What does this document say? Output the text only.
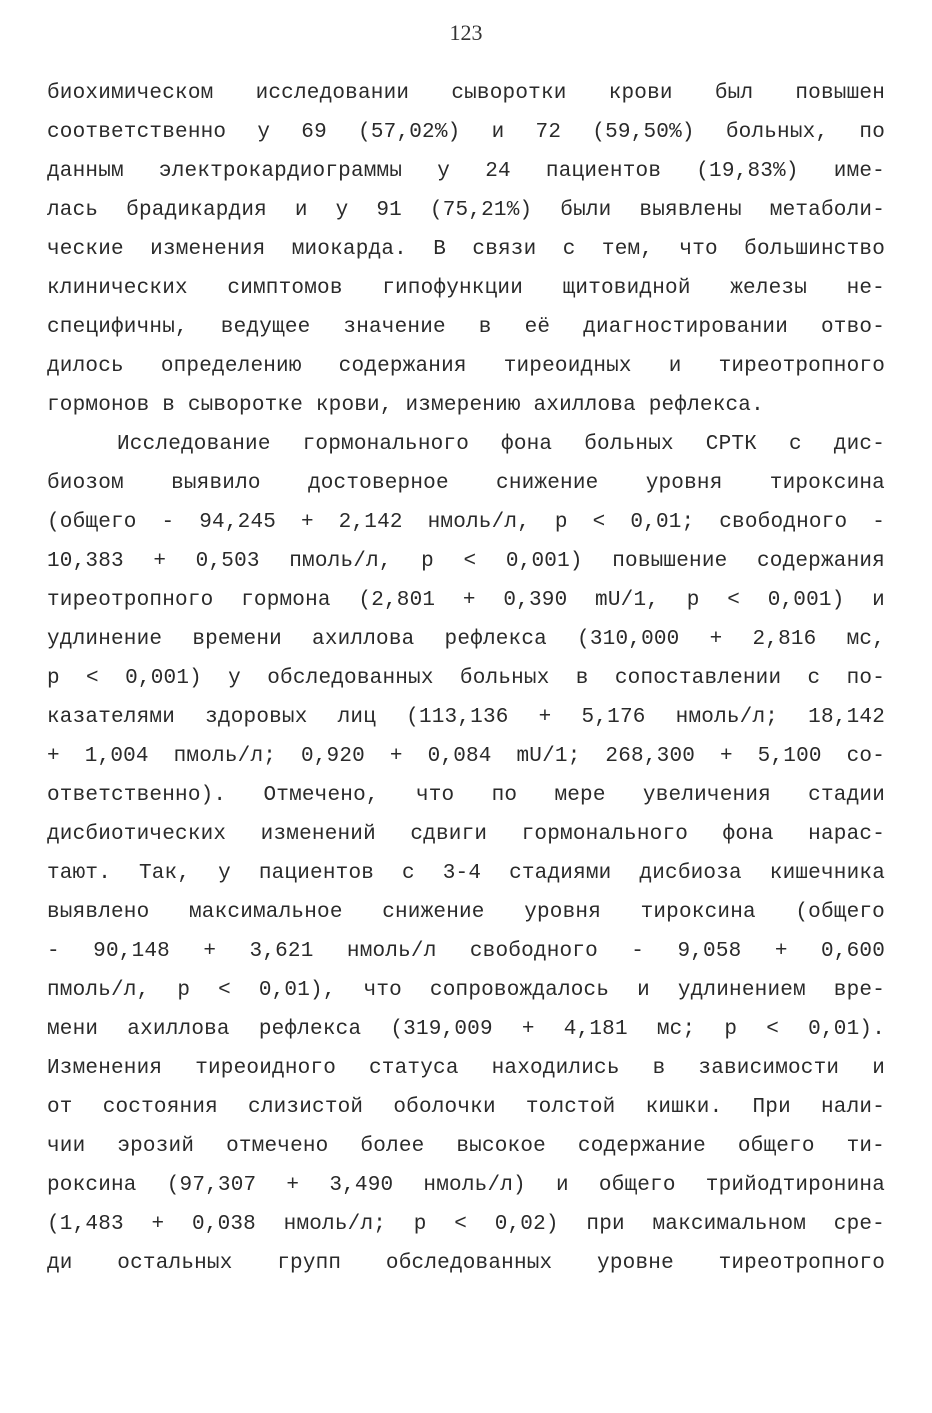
123
биохимическом исследовании сыворотки крови был повышен
соответственно у 69 (57,02%) и 72 (59,50%) больных, по
данным электрокардиограммы у 24 пациентов (19,83%) име-
лась брадикардия и у 91 (75,21%) были выявлены метаболи-
ческие изменения миокарда. В связи с тем, что большинство
клинических симптомов гипофункции щитовидной железы не-
специфичны, ведущее значение в её диагностировании отво-
дилось определению содержания тиреоидных и тиреотропного
гормонов в сыворотке крови, измерению ахиллова рефлекса.
Исследование гормонального фона больных СРТК с дис-
биозом выявило достоверное снижение уровня тироксина
(общего - 94,245 + 2,142 нмоль/л, р < 0,01; свободного -
10,383 + 0,503 пмоль/л, р < 0,001) повышение содержания
тиреотропного гормона (2,801 + 0,390 mU/1, р < 0,001) и
удлинение времени ахиллова рефлекса (310,000 + 2,816 мс,
р < 0,001) у обследованных больных в сопоставлении с по-
казателями здоровых лиц (113,136 + 5,176 нмоль/л; 18,142
+ 1,004 пмоль/л; 0,920 + 0,084 mU/1; 268,300 + 5,100 со-
ответственно). Отмечено, что по мере увеличения стадии
дисбиотических изменений сдвиги гормонального фона нарас-
тают. Так, у пациентов с 3-4 стадиями дисбиоза кишечника
выявлено максимальное снижение уровня тироксина (общего
- 90,148 + 3,621 нмоль/л свободного - 9,058 + 0,600
пмоль/л, р < 0,01), что сопровождалось и удлинением вре-
мени ахиллова рефлекса (319,009 + 4,181 мс; р < 0,01).
Изменения тиреоидного статуса находились в зависимости и
от состояния слизистой оболочки толстой кишки. При нали-
чии эрозий отмечено более высокое содержание общего ти-
роксина (97,307 + 3,490 нмоль/л) и общего трийодтиронина
(1,483 + 0,038 нмоль/л; р < 0,02) при максимальном сре-
ди остальных групп обследованных уровне тиреотропного
